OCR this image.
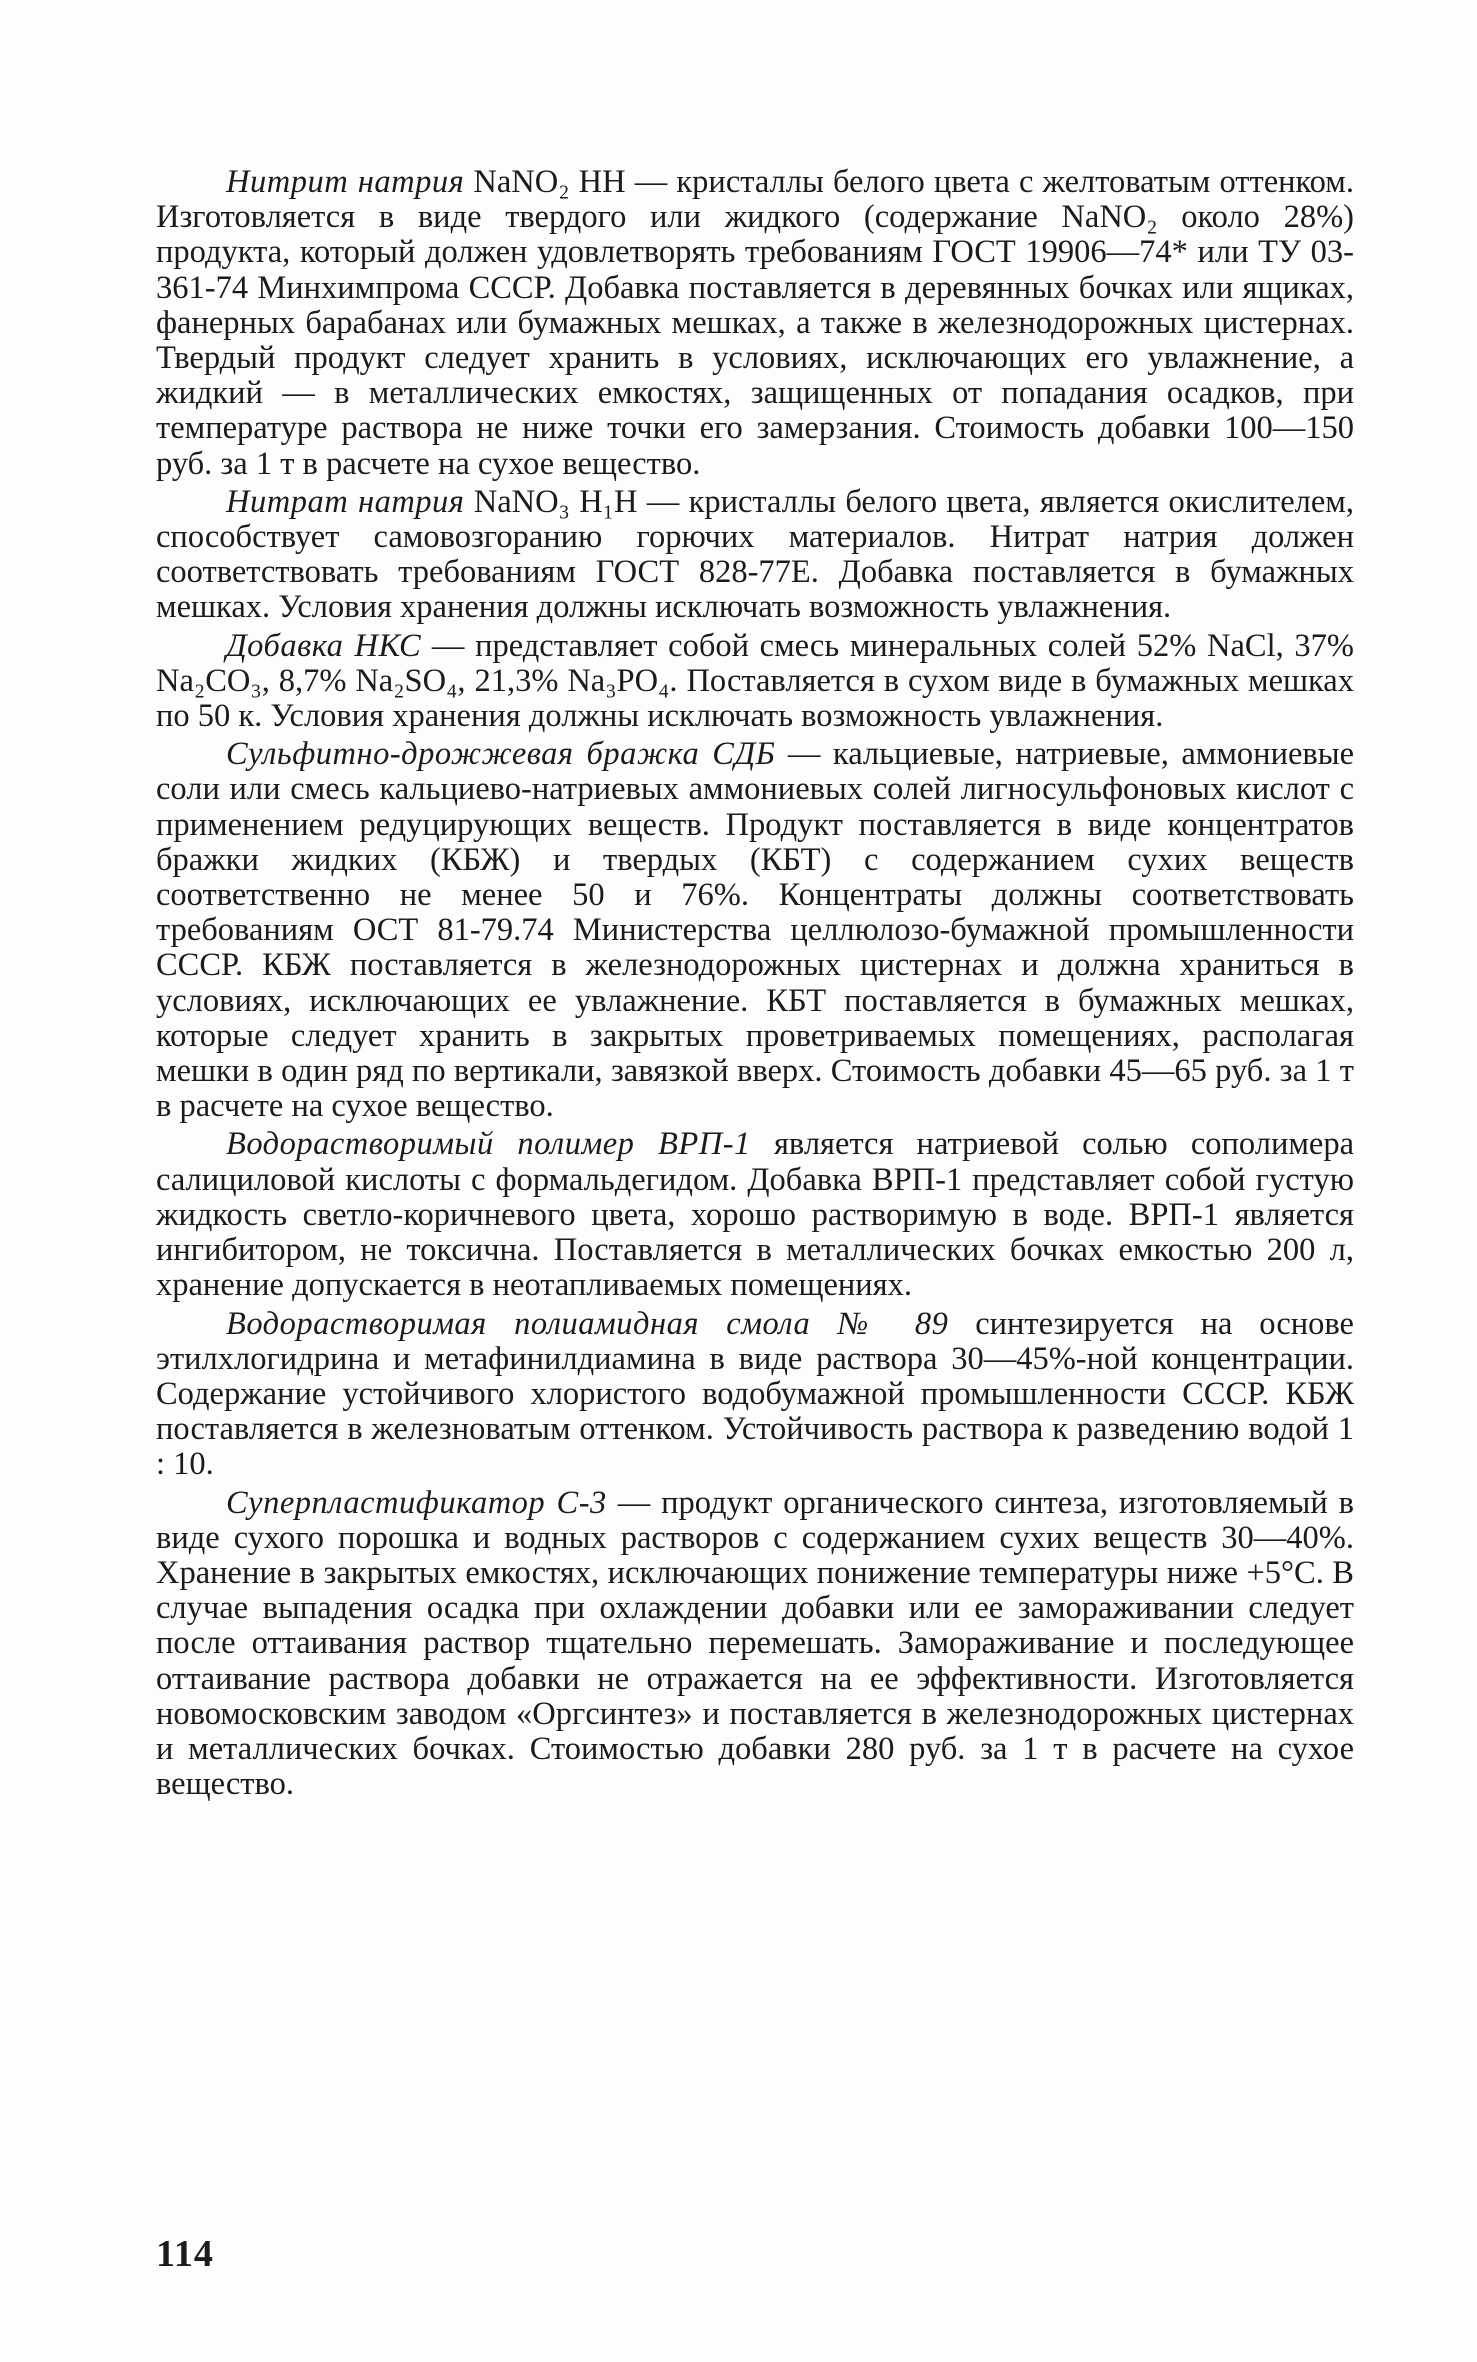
Нитрит натрия NaNO₂ НН — кристаллы белого цвета с желтоватым оттенком. Изготовляется в виде твердого или жидкого (содержание NaNO₂ около 28%) продукта, который должен удовлетворять требованиям ГОСТ 19906—74* или ТУ 03-361-74 Минхимпрома СССР. Добавка поставляется в деревянных бочках или ящиках, фанерных барабанах или бумажных мешках, а также в железнодорожных цистернах. Твердый продукт следует хранить в условиях, исключающих его увлажнение, а жидкий — в металлических емкостях, защищенных от попадания осадков, при температуре раствора не ниже точки его замерзания. Стоимость добавки 100—150 руб. за 1 т в расчете на сухое вещество.

Нитрат натрия NaNO₃ Н₁Н — кристаллы белого цвета, является окислителем, способствует самовозгоранию горючих материалов. Нитрат натрия должен соответствовать требованиям ГОСТ 828-77Е. Добавка поставляется в бумажных мешках. Условия хранения должны исключать возможность увлажнения.

Добавка НКС — представляет собой смесь минеральных солей 52% NaCl, 37% Na₂CO₃, 8,7% Na₂SO₄, 21,3% Na₃PO₄. Поставляется в сухом виде в бумажных мешках по 50 к. Условия хранения должны исключать возможность увлажнения.

Сульфитно-дрожжевая бражка СДБ — кальциевые, натриевые, аммониевые соли или смесь кальциево-натриевых аммониевых солей лигносульфоновых кислот с применением редуцирующих веществ. Продукт поставляется в виде концентратов бражки жидких (КБЖ) и твердых (КБТ) с содержанием сухих веществ соответственно не менее 50 и 76%. Концентраты должны соответствовать требованиям ОСТ 81-79.74 Министерства целлюлозо-бумажной промышленности СССР. КБЖ поставляется в железнодорожных цистернах и должна храниться в условиях, исключающих ее увлажнение. КБТ поставляется в бумажных мешках, которые следует хранить в закрытых проветриваемых помещениях, располагая мешки в один ряд по вертикали, завязкой вверх. Стоимость добавки 45—65 руб. за 1 т в расчете на сухое вещество.

Водорастворимый полимер ВРП-1 является натриевой солью сополимера салициловой кислоты с формальдегидом. Добавка ВРП-1 представляет собой густую жидкость светло-коричневого цвета, хорошо растворимую в воде. ВРП-1 является ингибитором, не токсична. Поставляется в металлических бочках емкостью 200 л, хранение допускается в неотапливаемых помещениях.

Водорастворимая полиамидная смола № 89 синтезируется на основе этилхлогидрина и метафинилдиамина в виде раствора 30—45%-ной концентрации. Содержание устойчивого хлористого водобумажной промышленности СССР. КБЖ поставляется в железноватым оттенком. Устойчивость раствора к разведению водой 1 : 10.

Суперпластификатор С-3 — продукт органического синтеза, изготовляемый в виде сухого порошка и водных растворов с содержанием сухих веществ 30—40%. Хранение в закрытых емкостях, исключающих понижение температуры ниже +5°С. В случае выпадения осадка при охлаждении добавки или ее замораживании следует после оттаивания раствор тщательно перемешать. Замораживание и последующее оттаивание раствора добавки не отражается на ее эффективности. Изготовляется новомосковским заводом «Оргсинтез» и поставляется в железнодорожных цистернах и металлических бочках. Стоимостью добавки 280 руб. за 1 т в расчете на сухое вещество.

114
